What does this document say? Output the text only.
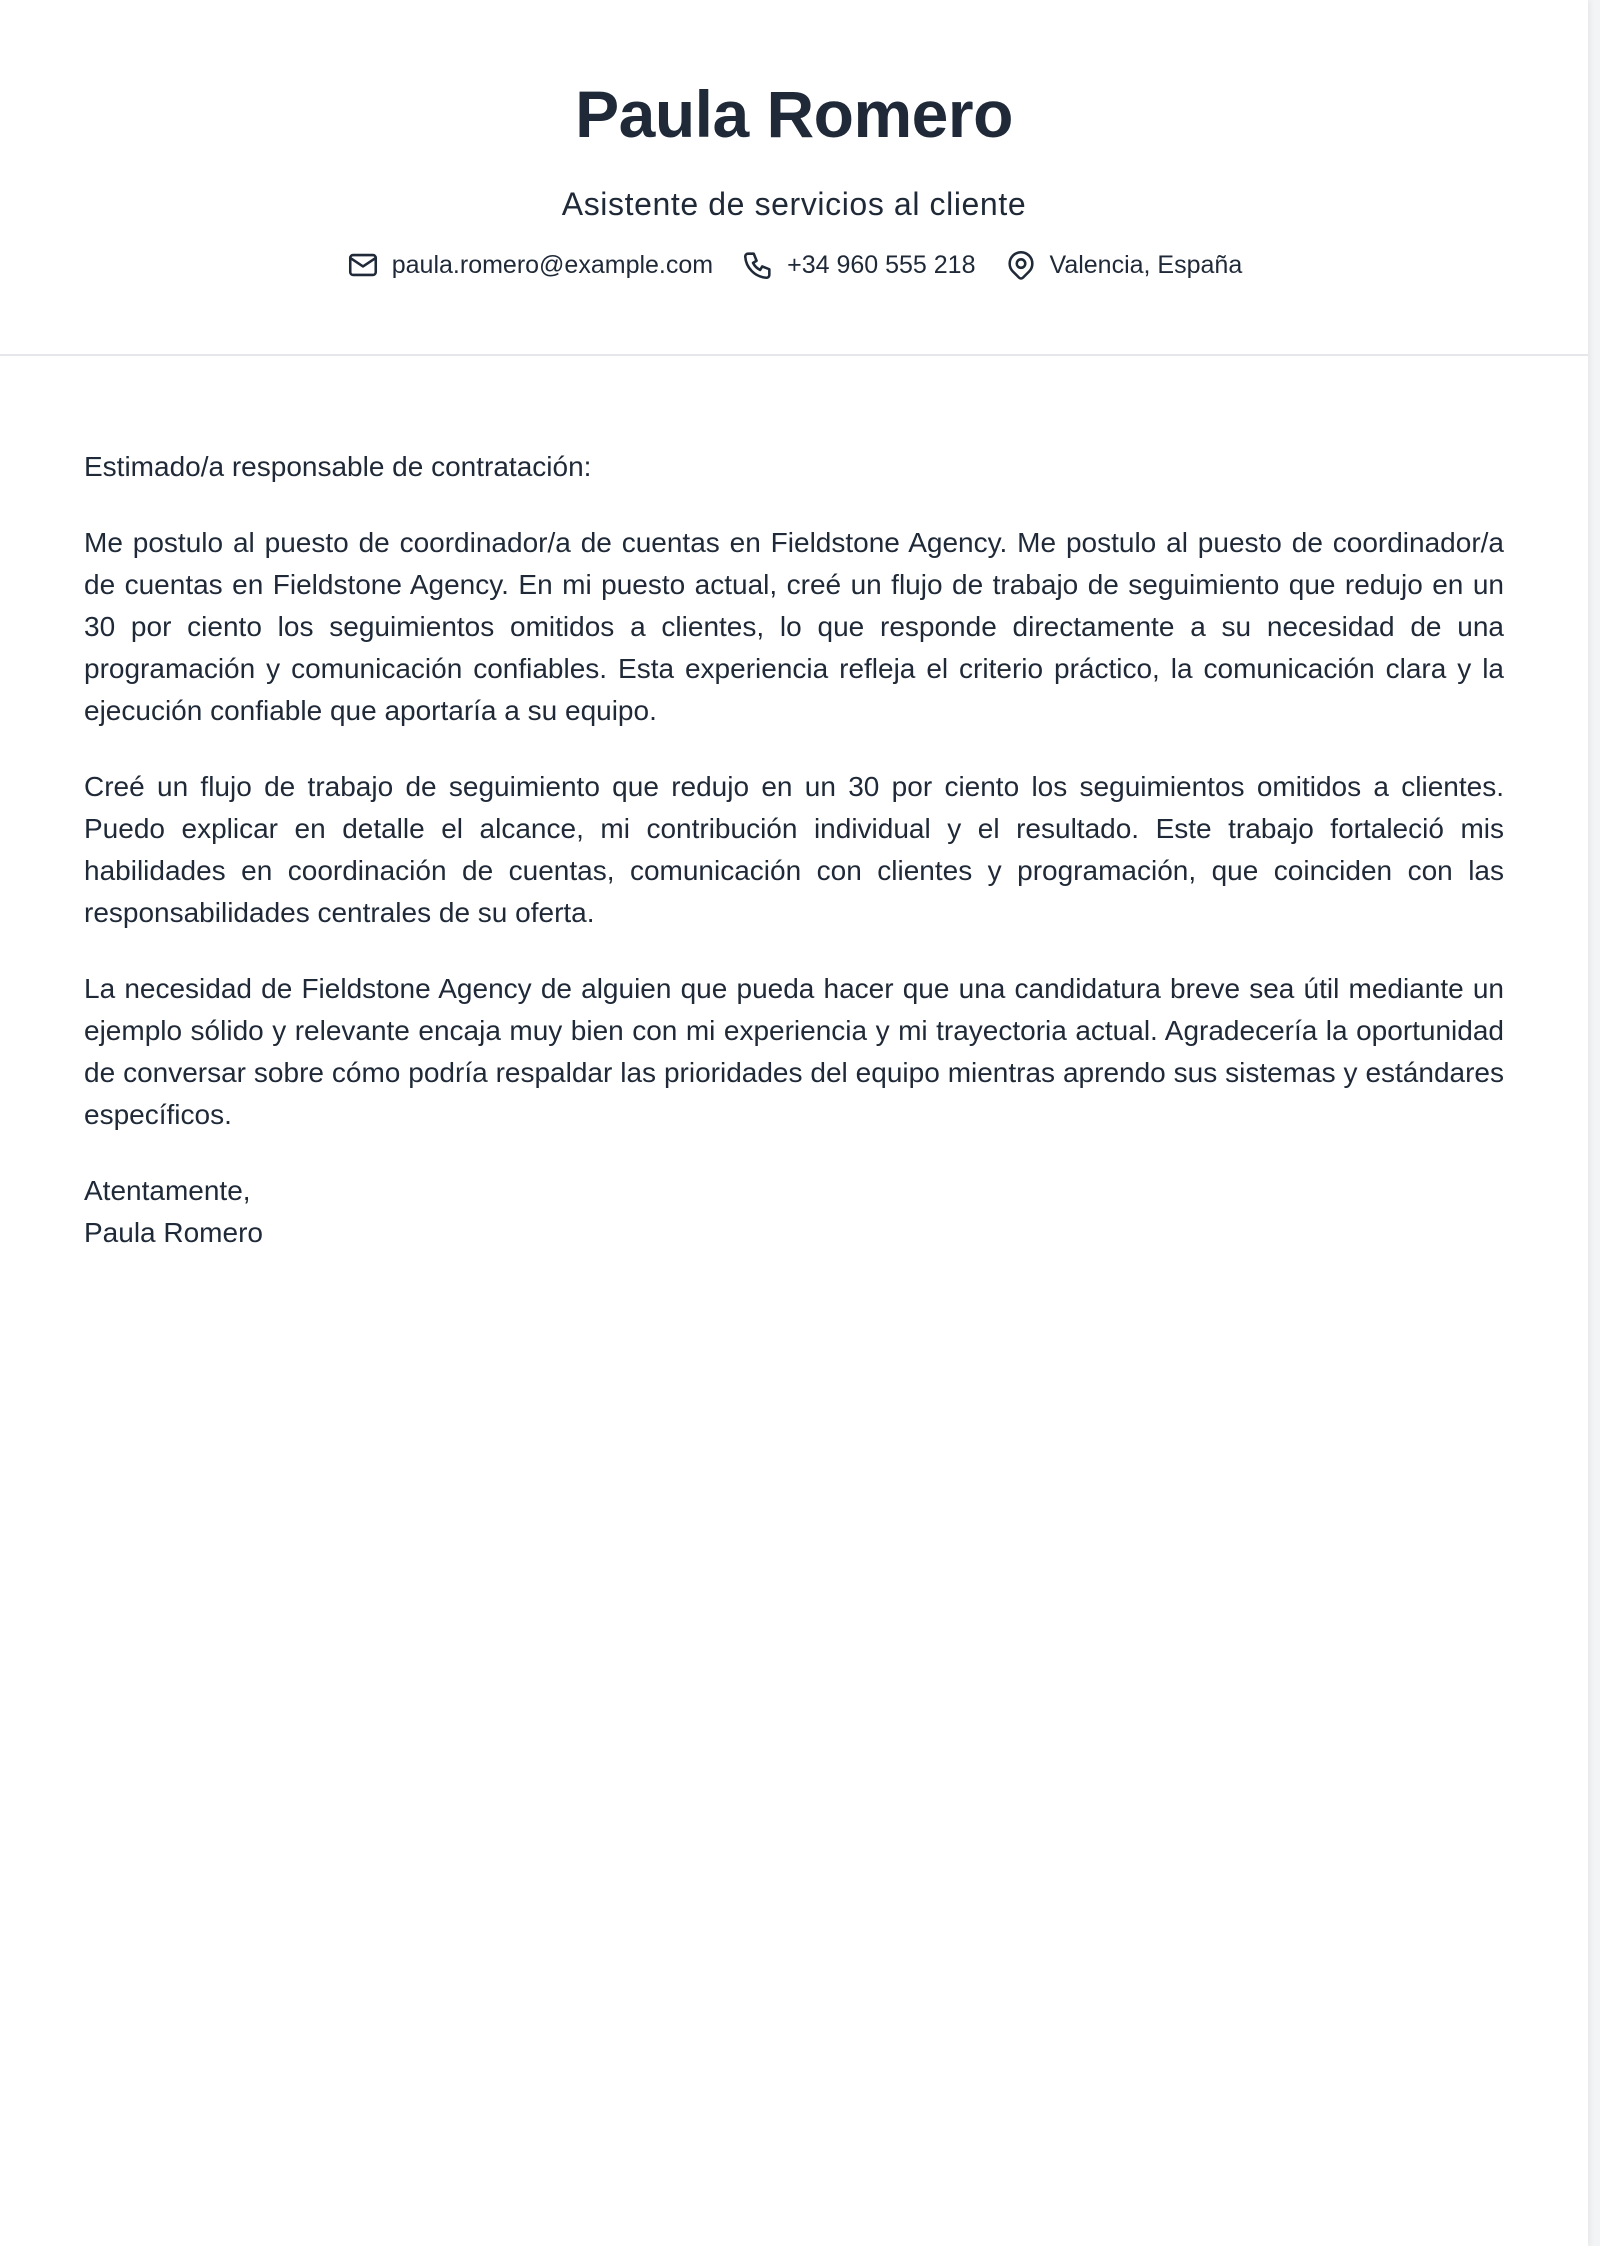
Paula Romero

Asistente de servicios al cliente

paula.romero@example.com	+34 960 555 218	Valencia, España

Estimado/a responsable de contratación:

Me postulo al puesto de coordinador/a de cuentas en Fieldstone Agency. Me postulo al puesto de coordinador/a de cuentas en Fieldstone Agency. En mi puesto actual, creé un flujo de trabajo de seguimiento que redujo en un 30 por ciento los seguimientos omitidos a clientes, lo que responde directamente a su necesidad de una programación y comunicación confiables. Esta experiencia refleja el criterio práctico, la comunicación clara y la ejecución confiable que aportaría a su equipo.

Creé un flujo de trabajo de seguimiento que redujo en un 30 por ciento los seguimientos omitidos a clientes. Puedo explicar en detalle el alcance, mi contribución individual y el resultado. Este trabajo fortaleció mis habilidades en coordinación de cuentas, comunicación con clientes y programación, que coinciden con las responsabilidades centrales de su oferta.

La necesidad de Fieldstone Agency de alguien que pueda hacer que una candidatura breve sea útil mediante un ejemplo sólido y relevante encaja muy bien con mi experiencia y mi trayectoria actual. Agradecería la oportunidad de conversar sobre cómo podría respaldar las prioridades del equipo mientras aprendo sus sistemas y estándares específicos.

Atentamente,

Paula Romero
